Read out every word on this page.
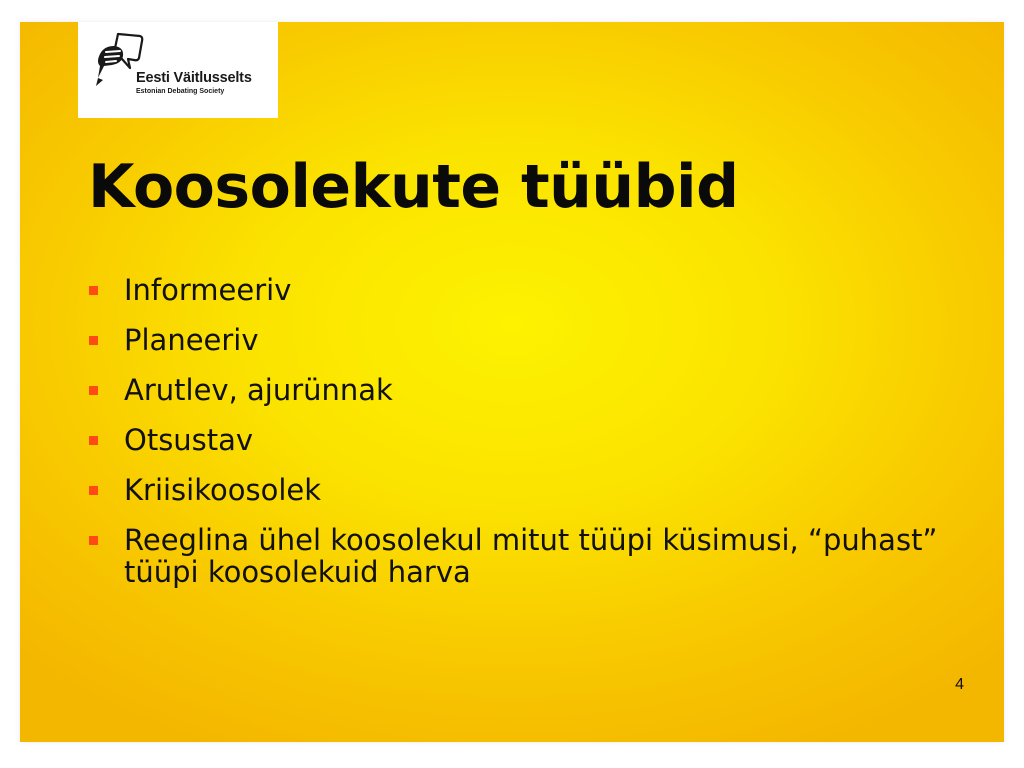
Eesti Väitlusselts
Estonian Debating Society
Koosolekute tüübid
Informeeriv
Planeeriv
Arutlev, ajurünnak
Otsustav
Kriisikoosolek
Reeglina ühel koosolekul mitut tüüpi küsimusi, “puhast” tüüpi koosolekuid harva
4
